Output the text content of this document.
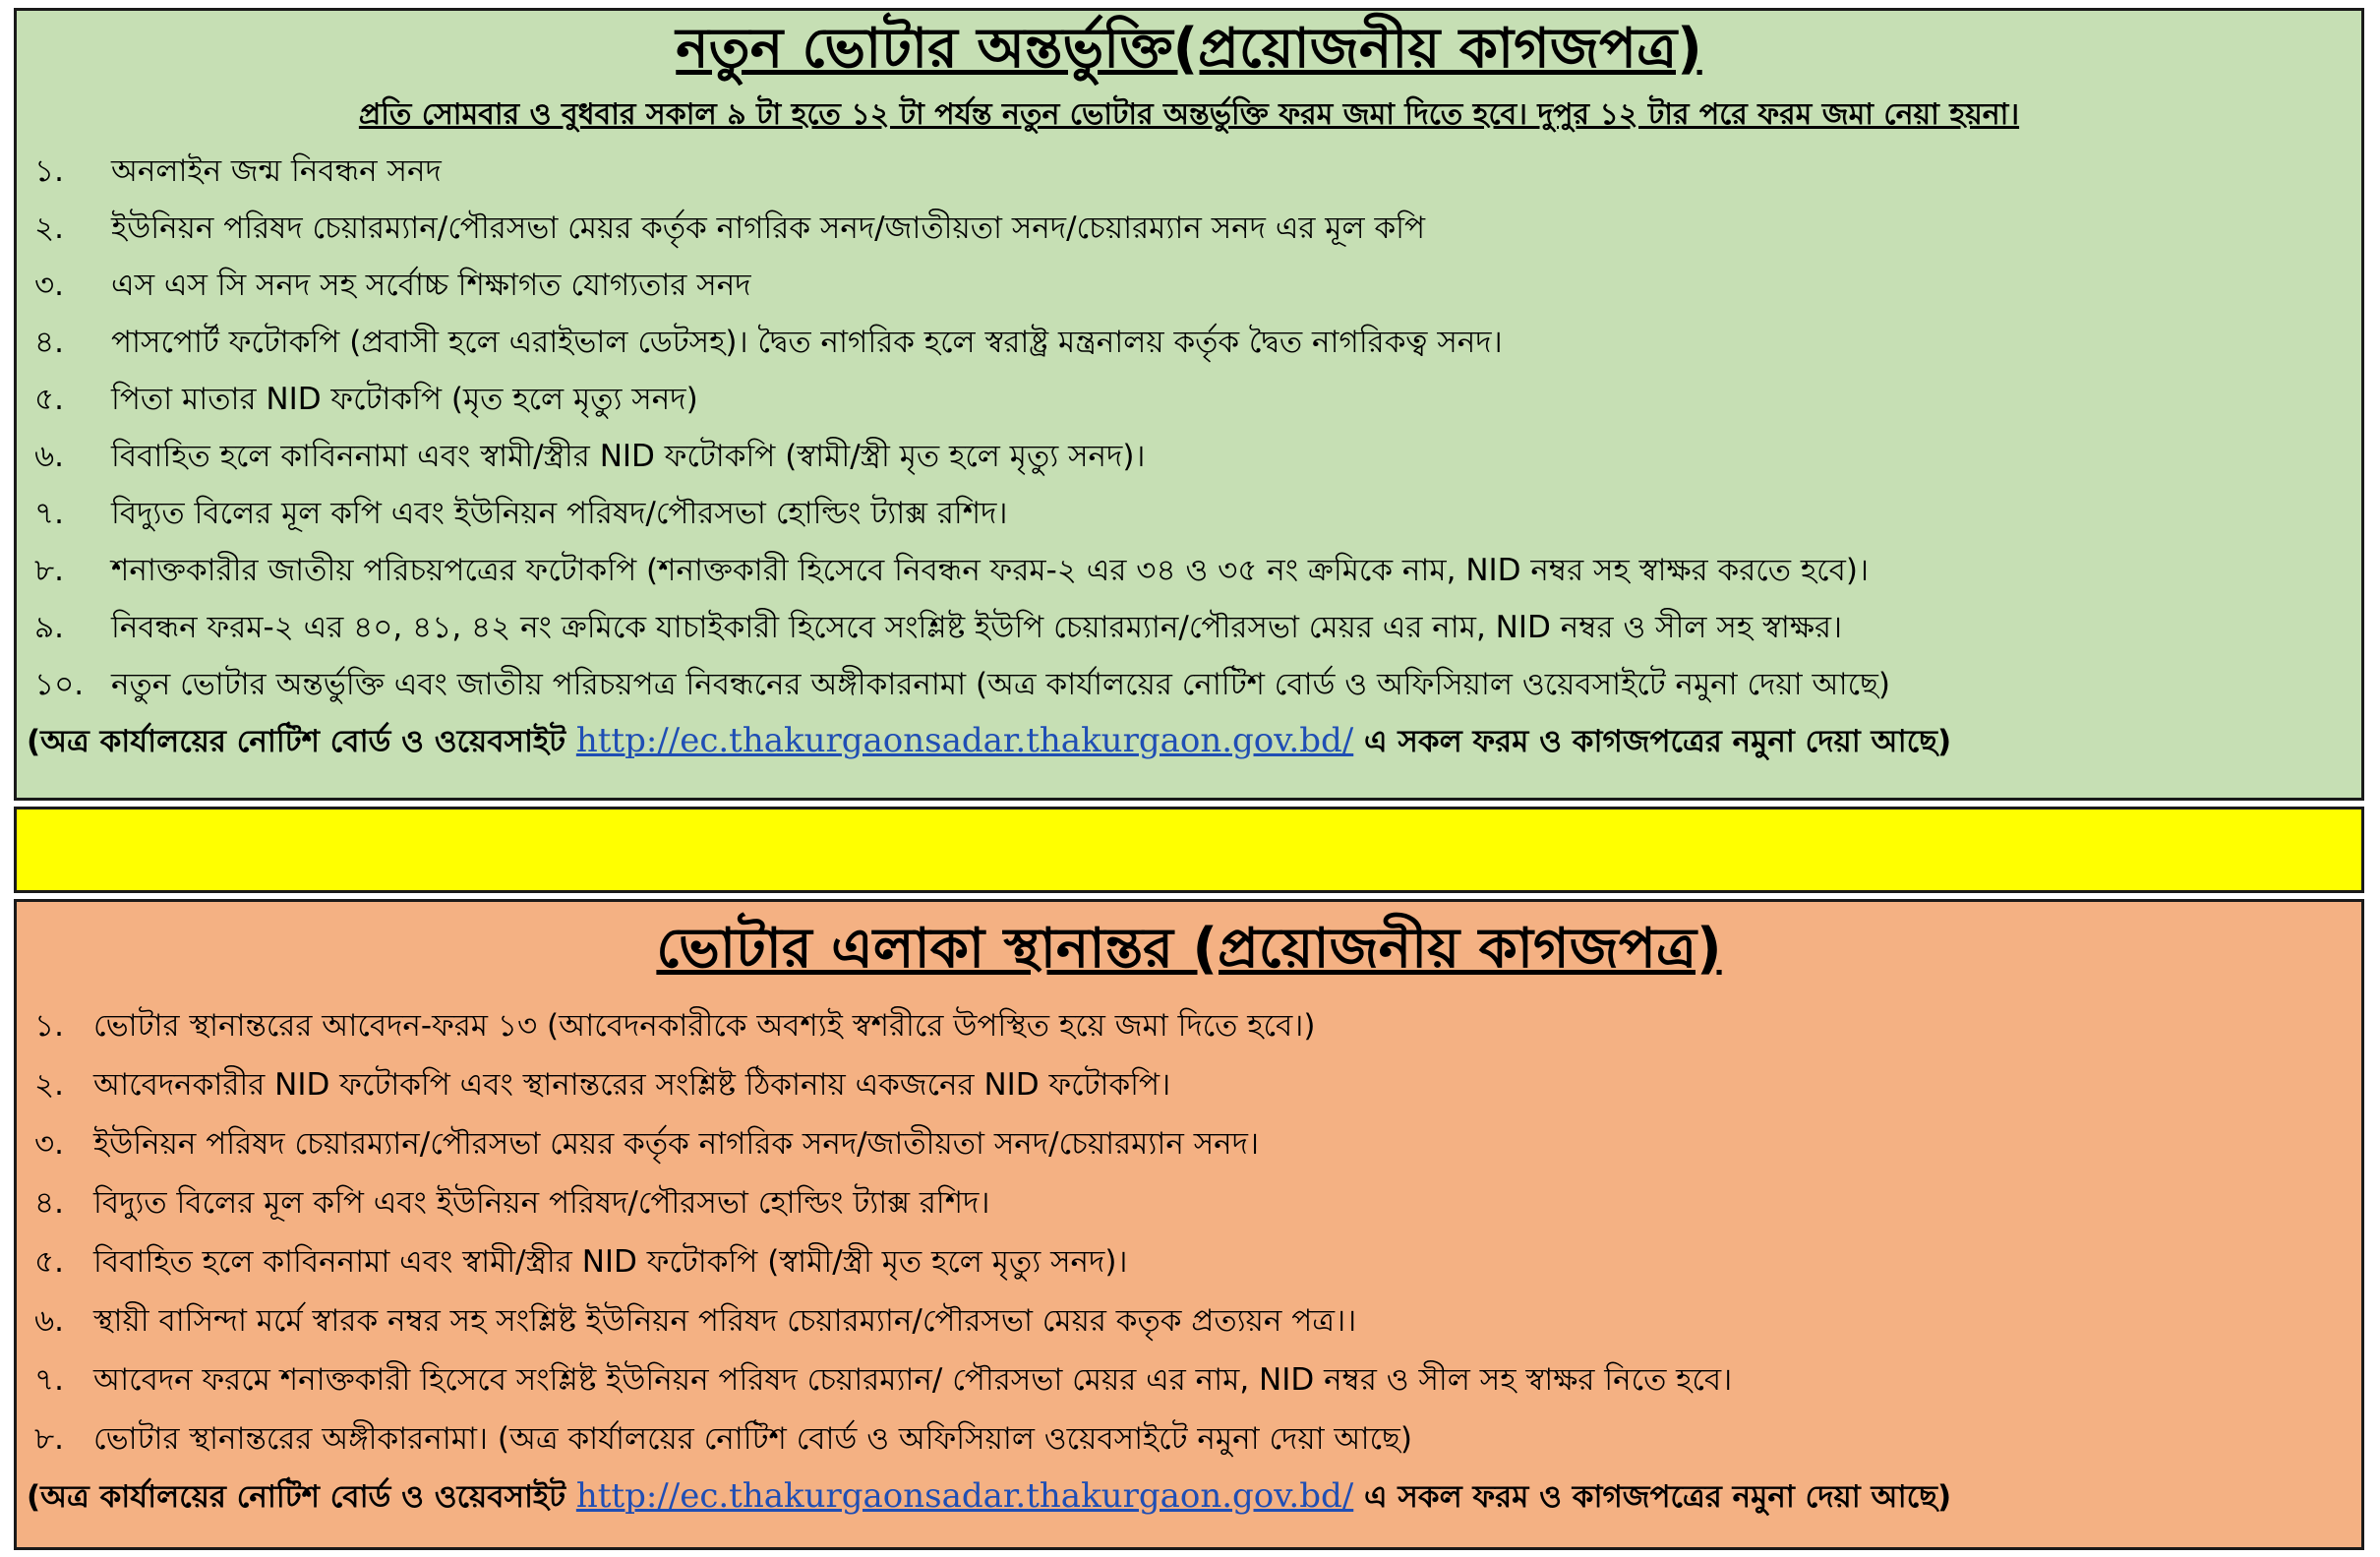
নতুন ভোটার অন্তর্ভুক্তি(প্রয়োজনীয় কাগজপত্র)
প্রতি সোমবার ও বুধবার সকাল ৯ টা হতে ১২ টা পর্যন্ত নতুন ভোটার অন্তর্ভুক্তি ফরম জমা দিতে হবে। দুপুর ১২ টার পরে ফরম জমা নেয়া হয়না।
১.	অনলাইন জন্ম নিবন্ধন সনদ
২.	ইউনিয়ন পরিষদ চেয়ারম্যান/পৌরসভা মেয়র কর্তৃক নাগরিক সনদ/জাতীয়তা সনদ/চেয়ারম্যান সনদ এর মূল কপি
৩.	এস এস সি সনদ সহ সর্বোচ্চ শিক্ষাগত যোগ্যতার সনদ
৪.	পাসপোর্ট ফটোকপি (প্রবাসী হলে এরাইভাল ডেটসহ)। দ্বৈত নাগরিক হলে স্বরাষ্ট্র মন্ত্রনালয় কর্তৃক দ্বৈত নাগরিকত্ব সনদ।
৫.	পিতা মাতার NID ফটোকপি (মৃত হলে মৃত্যু সনদ)
৬.	বিবাহিত হলে কাবিননামা এবং স্বামী/স্ত্রীর NID ফটোকপি (স্বামী/স্ত্রী মৃত হলে মৃত্যু সনদ)।
৭.	বিদ্যুত বিলের মূল কপি এবং ইউনিয়ন পরিষদ/পৌরসভা হোল্ডিং ট্যাক্স রশিদ।
৮.	শনাক্তকারীর জাতীয় পরিচয়পত্রের ফটোকপি (শনাক্তকারী হিসেবে নিবন্ধন ফরম-২ এর ৩৪ ও ৩৫ নং ক্রমিকে নাম, NID নম্বর সহ স্বাক্ষর করতে হবে)।
৯.	নিবন্ধন ফরম-২ এর ৪০, ৪১, ৪২ নং ক্রমিকে যাচাইকারী হিসেবে সংশ্লিষ্ট ইউপি চেয়ারম্যান/পৌরসভা মেয়র এর নাম, NID নম্বর ও সীল সহ স্বাক্ষর।
১০. নতুন ভোটার অন্তর্ভুক্তি এবং জাতীয় পরিচয়পত্র নিবন্ধনের অঙ্গীকারনামা (অত্র কার্যালয়ের নোটিশ বোর্ড ও অফিসিয়াল ওয়েবসাইটে নমুনা দেয়া আছে)
(অত্র কার্যালয়ের নোটিশ বোর্ড ও ওয়েবসাইট http://ec.thakurgaonsadar.thakurgaon.gov.bd/ এ সকল ফরম ও কাগজপত্রের নমুনা দেয়া আছে)
ভোটার এলাকা স্থানান্তর (প্রয়োজনীয় কাগজপত্র)
১. ভোটার স্থানান্তরের আবেদন-ফরম ১৩ (আবেদনকারীকে অবশ্যই স্বশরীরে উপস্থিত হয়ে জমা দিতে হবে।)
২. আবেদনকারীর NID ফটোকপি এবং স্থানান্তরের সংশ্লিষ্ট ঠিকানায় একজনের NID ফটোকপি।
৩. ইউনিয়ন পরিষদ চেয়ারম্যান/পৌরসভা মেয়র কর্তৃক নাগরিক সনদ/জাতীয়তা সনদ/চেয়ারম্যান সনদ।
৪. বিদ্যুত বিলের মূল কপি এবং ইউনিয়ন পরিষদ/পৌরসভা হোল্ডিং ট্যাক্স রশিদ।
৫. বিবাহিত হলে কাবিননামা এবং স্বামী/স্ত্রীর NID ফটোকপি (স্বামী/স্ত্রী মৃত হলে মৃত্যু সনদ)।
৬. স্থায়ী বাসিন্দা মর্মে স্বারক নম্বর সহ সংশ্লিষ্ট ইউনিয়ন পরিষদ চেয়ারম্যান/পৌরসভা মেয়র কতৃক প্রত্যয়ন পত্র।।
৭. আবেদন ফরমে শনাক্তকারী হিসেবে সংশ্লিষ্ট ইউনিয়ন পরিষদ চেয়ারম্যান/ পৌরসভা মেয়র এর নাম, NID নম্বর ও সীল সহ স্বাক্ষর নিতে হবে।
৮. ভোটার স্থানান্তরের অঙ্গীকারনামা। (অত্র কার্যালয়ের নোটিশ বোর্ড ও অফিসিয়াল ওয়েবসাইটে নমুনা দেয়া আছে)
(অত্র কার্যালয়ের নোটিশ বোর্ড ও ওয়েবসাইট http://ec.thakurgaonsadar.thakurgaon.gov.bd/ এ সকল ফরম ও কাগজপত্রের নমুনা দেয়া আছে)
